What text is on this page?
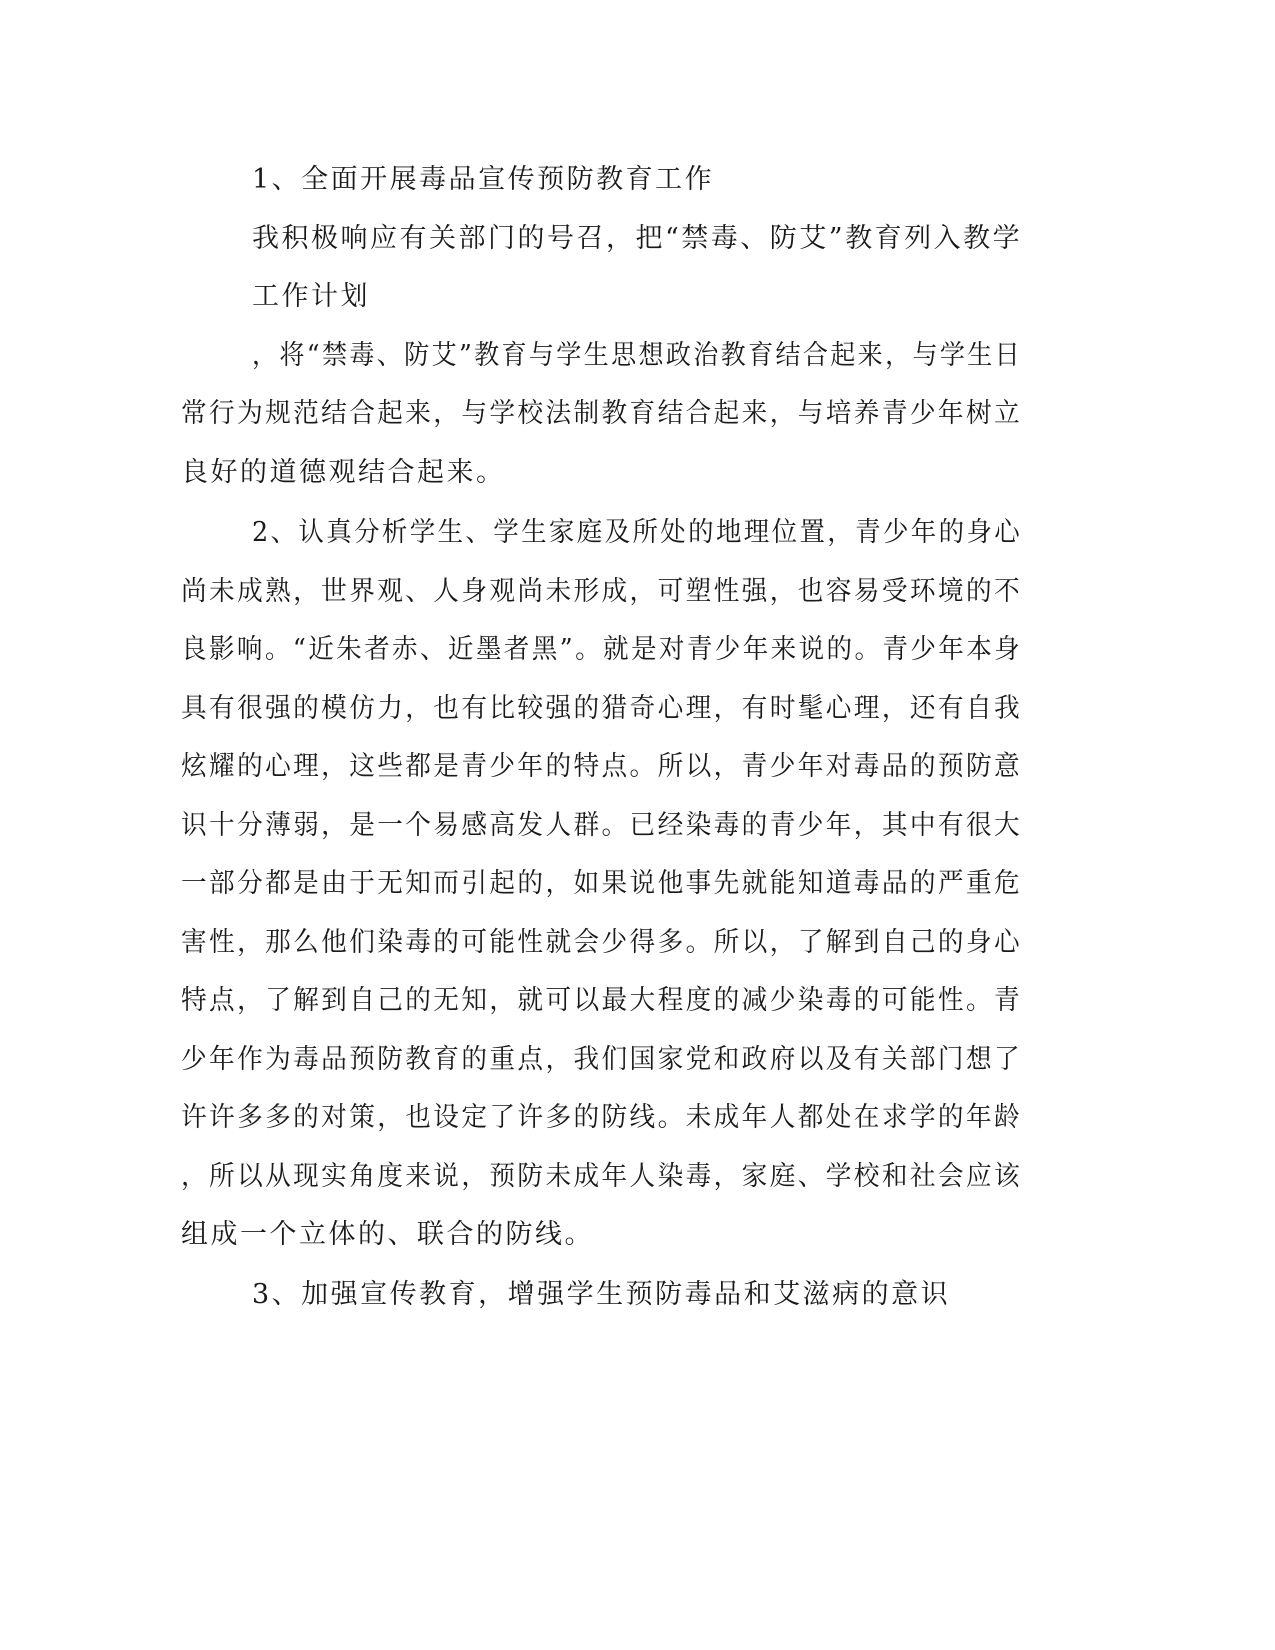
1、全面开展毒品宣传预防教育工作

我积极响应有关部门的号召，把“禁毒、防艾”教育列入教学

工作计划

，将“禁毒、防艾”教育与学生思想政治教育结合起来，与学生日

常行为规范结合起来，与学校法制教育结合起来，与培养青少年树立

良好的道德观结合起来。

2、认真分析学生、学生家庭及所处的地理位置，青少年的身心

尚未成熟，世界观、人身观尚未形成，可塑性强，也容易受环境的不

良影响。“近朱者赤、近墨者黑”。就是对青少年来说的。青少年本身

具有很强的模仿力，也有比较强的猎奇心理，有时髦心理，还有自我

炫耀的心理，这些都是青少年的特点。所以，青少年对毒品的预防意

识十分薄弱，是一个易感高发人群。已经染毒的青少年，其中有很大

一部分都是由于无知而引起的，如果说他事先就能知道毒品的严重危

害性，那么他们染毒的可能性就会少得多。所以，了解到自己的身心

特点，了解到自己的无知，就可以最大程度的减少染毒的可能性。青

少年作为毒品预防教育的重点，我们国家党和政府以及有关部门想了

许许多多的对策，也设定了许多的防线。未成年人都处在求学的年龄

，所以从现实角度来说，预防未成年人染毒，家庭、学校和社会应该

组成一个立体的、联合的防线。

3、加强宣传教育，增强学生预防毒品和艾滋病的意识
